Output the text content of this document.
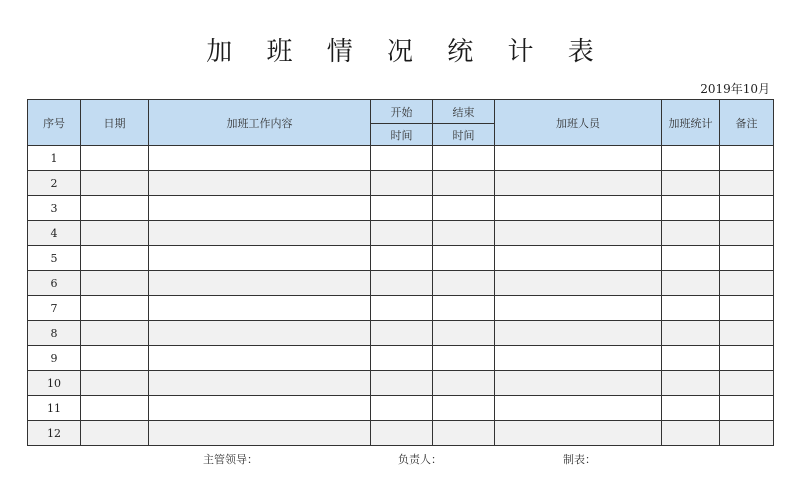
加 班 情 况 统 计 表
2019年10月
序号	日期	加班工作内容	开始	结束	加班人员	加班统计	备注
			时间	时间			
1							
2							
3							
4							
5							
6							
7							
8							
9							
10							
11							
12							
主管领导：	负责人：	制表：
